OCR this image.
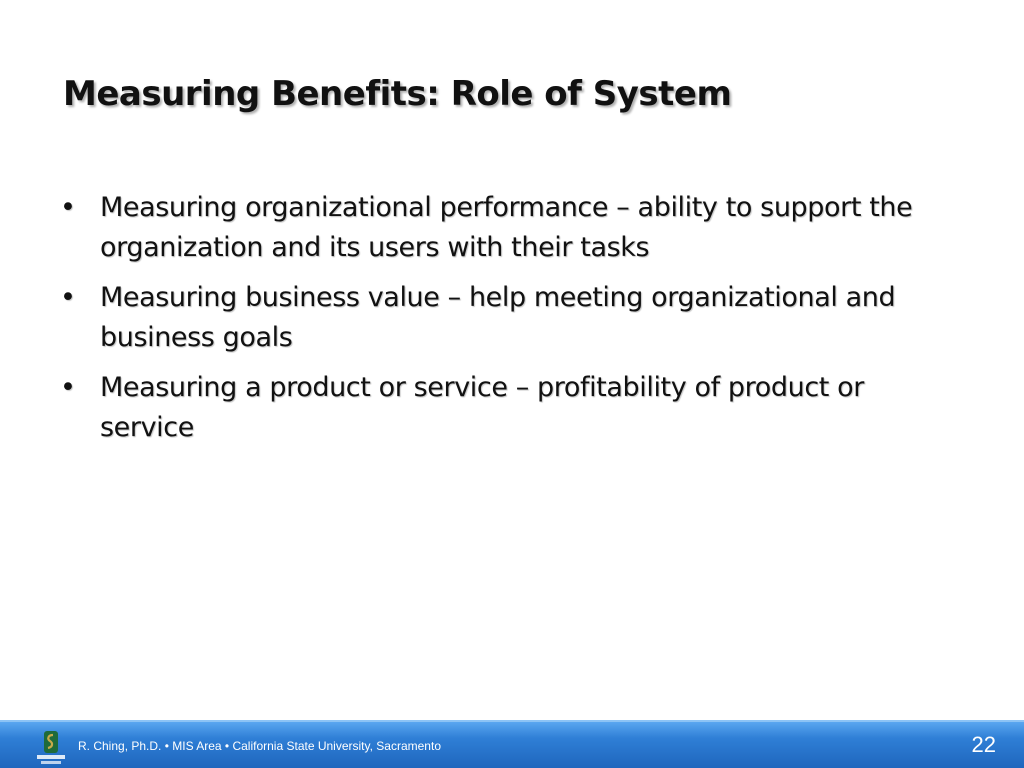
Measuring Benefits: Role of System
• Measuring organizational performance – ability to support the organization and its users with their tasks
• Measuring business value – help meeting organizational and business goals
• Measuring a product or service – profitability of product or service
R. Ching, Ph.D. • MIS Area • California State University, Sacramento	22
